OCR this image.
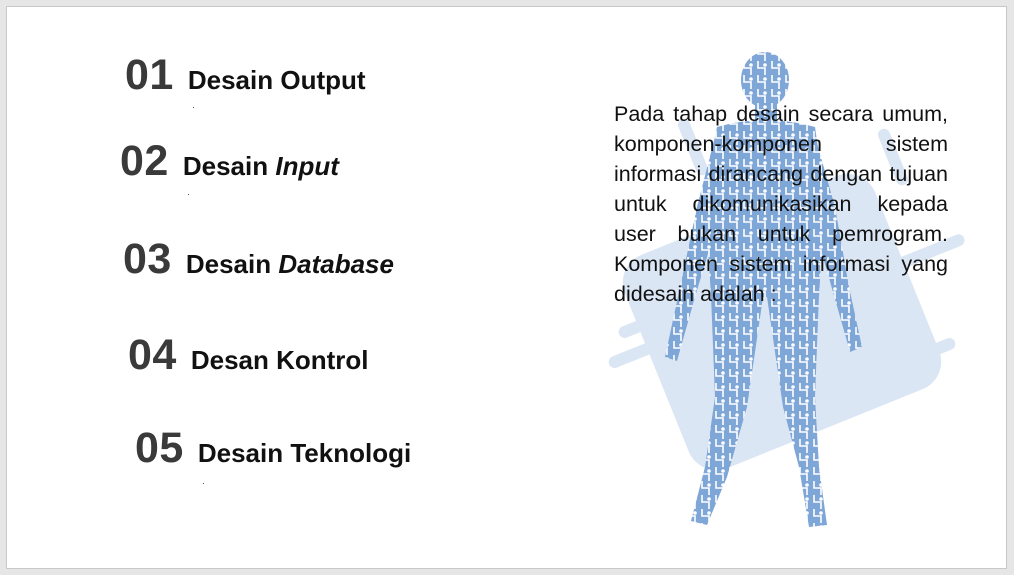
01 Desain Output
02 Desain Input
03 Desain Database
04 Desan Kontrol
05 Desain Teknologi
Pada tahap desain secara umum, komponen-komponen sistem informasi dirancang dengan tujuan untuk dikomunikasikan kepada user bukan untuk pemrogram. Komponen sistem informasi yang didesain adalah :
